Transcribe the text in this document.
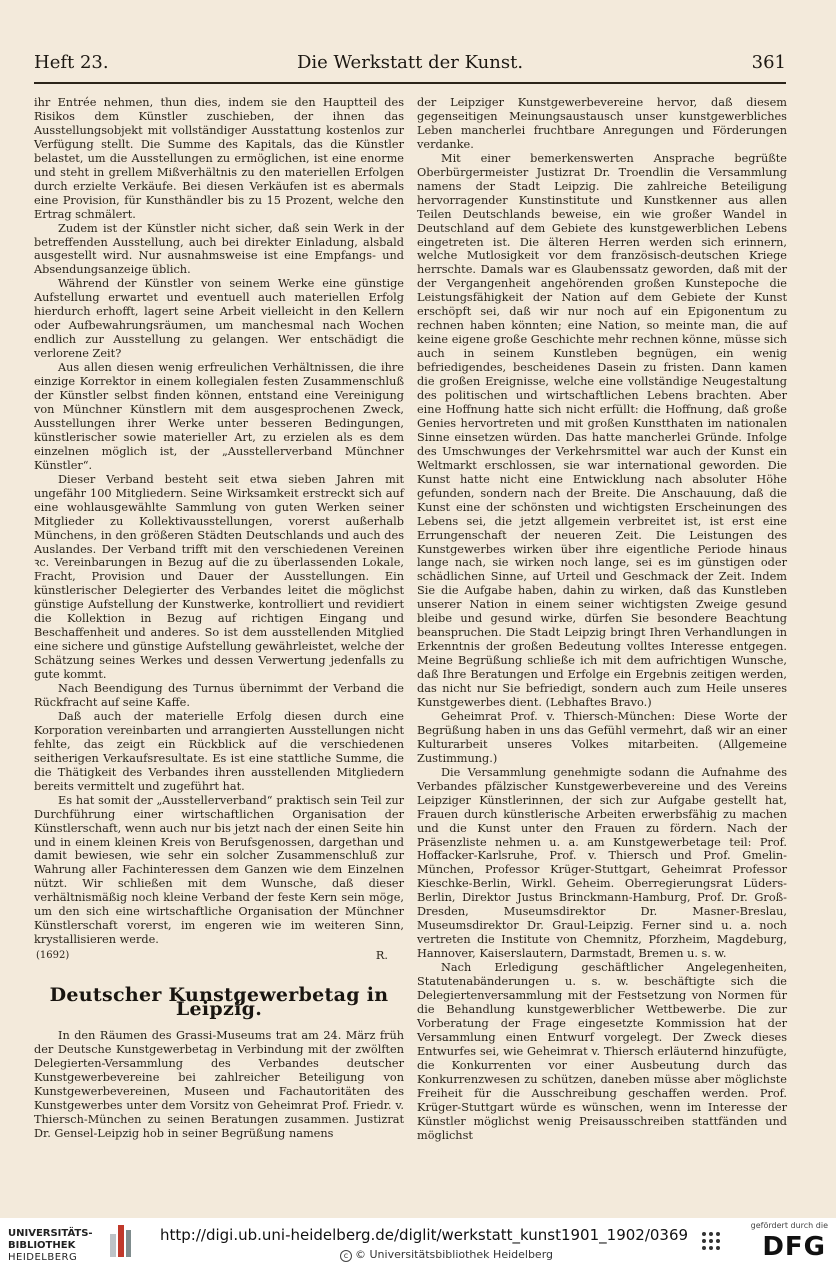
Heft 23.	Die Werkstatt der Kunst.	361

ihr Entrée nehmen, thun dies, indem sie den Hauptteil des Risikos dem Künstler zuschieben, der ihnen das Ausstellungsobjekt mit vollständiger Ausstattung kostenlos zur Verfügung stellt. Die Summe des Kapitals, das die Künstler belastet, um die Ausstellungen zu ermöglichen, ist eine enorme und steht in grellem Mißverhältnis zu den materiellen Erfolgen durch erzielte Verkäufe. Bei diesen Verkäufen ist es abermals eine Provision, für Kunsthändler bis zu 15 Prozent, welche den Ertrag schmälert.

Zudem ist der Künstler nicht sicher, daß sein Werk in der betreffenden Ausstellung, auch bei direkter Einladung, alsbald ausgestellt wird. Nur ausnahmsweise ist eine Empfangs- und Absendungsanzeige üblich.

Während der Künstler von seinem Werke eine günstige Aufstellung erwartet und eventuell auch materiellen Erfolg hierdurch erhofft, lagert seine Arbeit vielleicht in den Kellern oder Aufbewahrungsräumen, um manchesmal nach Wochen endlich zur Ausstellung zu gelangen. Wer entschädigt die verlorene Zeit?

Aus allen diesen wenig erfreulichen Verhältnissen, die ihre einzige Korrektor in einem kollegialen festen Zusammenschluß der Künstler selbst finden können, entstand eine Vereinigung von Münchner Künstlern mit dem ausgesprochenen Zweck, Ausstellungen ihrer Werke unter besseren Bedingungen, künstlerischer sowie materieller Art, zu erzielen als es dem einzelnen möglich ist, der „Ausstellerverband Münchner Künstler“.

Dieser Verband besteht seit etwa sieben Jahren mit ungefähr 100 Mitgliedern. Seine Wirksamkeit erstreckt sich auf eine wohlausgewählte Sammlung von guten Werken seiner Mitglieder zu Kollektivausstellungen, vorerst außerhalb Münchens, in den größeren Städten Deutschlands und auch des Auslandes. Der Verband trifft mit den verschiedenen Vereinen ꝛc. Vereinbarungen in Bezug auf die zu überlassenden Lokale, Fracht, Provision und Dauer der Ausstellungen. Ein künstlerischer Delegierter des Verbandes leitet die möglichst günstige Aufstellung der Kunstwerke, kontrolliert und revidiert die Kollektion in Bezug auf richtigen Eingang und Beschaffenheit und anderes. So ist dem ausstellenden Mitglied eine sichere und günstige Aufstellung gewährleistet, welche der Schätzung seines Werkes und dessen Verwertung jedenfalls zu gute kommt.

Nach Beendigung des Turnus übernimmt der Verband die Rückfracht auf seine Kaffe.

Daß auch der materielle Erfolg diesen durch eine Korporation vereinbarten und arrangierten Ausstellungen nicht fehlte, das zeigt ein Rückblick auf die verschiedenen seitherigen Verkaufsresultate. Es ist eine stattliche Summe, die die Thätigkeit des Verbandes ihren ausstellenden Mitgliedern bereits vermittelt und zugeführt hat.

Es hat somit der „Ausstellerverband“ praktisch sein Teil zur Durchführung einer wirtschaftlichen Organisation der Künstlerschaft, wenn auch nur bis jetzt nach der einen Seite hin und in einem kleinen Kreis von Berufsgenossen, dargethan und damit bewiesen, wie sehr ein solcher Zusammenschluß zur Wahrung aller Fachinteressen dem Ganzen wie dem Einzelnen nützt. Wir schließen mit dem Wunsche, daß dieser verhältnismäßig noch kleine Verband der feste Kern sein möge, um den sich eine wirtschaftliche Organisation der Münchner Künstlerschaft vorerst, im engeren wie im weiteren Sinn, krystallisieren werde.

(1692)	R.
Deutscher Kunstgewerbetag in Leipzig.

In den Räumen des Grassi-Museums trat am 24. März früh der Deutsche Kunstgewerbetag in Verbindung mit der zwölften Delegierten-Versammlung des Verbandes deutscher Kunstgewerbevereine bei zahlreicher Beteiligung von Kunstgewerbevereinen, Museen und Fachautoritäten des Kunstgewerbes unter dem Vorsitz von Geheimrat Prof. Friedr. v. Thiersch-München zu seinen Beratungen zusammen. Justizrat Dr. Gensel-Leipzig hob in seiner Begrüßung namens

der Leipziger Kunstgewerbevereine hervor, daß diesem gegenseitigen Meinungsaustausch unser kunstgewerbliches Leben mancherlei fruchtbare Anregungen und Förderungen verdanke.

Mit einer bemerkenswerten Ansprache begrüßte Oberbürgermeister Justizrat Dr. Troendlin die Versammlung namens der Stadt Leipzig. Die zahlreiche Beteiligung hervorragender Kunstinstitute und Kunstkenner aus allen Teilen Deutschlands beweise, ein wie großer Wandel in Deutschland auf dem Gebiete des kunstgewerblichen Lebens eingetreten ist. Die älteren Herren werden sich erinnern, welche Mutlosigkeit vor dem französisch-deutschen Kriege herrschte. Damals war es Glaubenssatz geworden, daß mit der der Vergangenheit angehörenden großen Kunstepoche die Leistungsfähigkeit der Nation auf dem Gebiete der Kunst erschöpft sei, daß wir nur noch auf ein Epigonentum zu rechnen haben könnten; eine Nation, so meinte man, die auf keine eigene große Geschichte mehr rechnen könne, müsse sich auch in seinem Kunstleben begnügen, ein wenig befriedigendes, bescheidenes Dasein zu fristen. Dann kamen die großen Ereignisse, welche eine vollständige Neugestaltung des politischen und wirtschaftlichen Lebens brachten. Aber eine Hoffnung hatte sich nicht erfüllt: die Hoffnung, daß große Genies hervortreten und mit großen Kunstthaten im nationalen Sinne einsetzen würden. Das hatte mancherlei Gründe. Infolge des Umschwunges der Verkehrsmittel war auch der Kunst ein Weltmarkt erschlossen, sie war international geworden. Die Kunst hatte nicht eine Entwicklung nach absoluter Höhe gefunden, sondern nach der Breite. Die Anschauung, daß die Kunst eine der schönsten und wichtigsten Erscheinungen des Lebens sei, die jetzt allgemein verbreitet ist, ist erst eine Errungenschaft der neueren Zeit. Die Leistungen des Kunstgewerbes wirken über ihre eigentliche Periode hinaus lange nach, sie wirken noch lange, sei es im günstigen oder schädlichen Sinne, auf Urteil und Geschmack der Zeit. Indem Sie die Aufgabe haben, dahin zu wirken, daß das Kunstleben unserer Nation in einem seiner wichtigsten Zweige gesund bleibe und gesund wirke, dürfen Sie besondere Beachtung beanspruchen. Die Stadt Leipzig bringt Ihren Verhandlungen in Erkenntnis der großen Bedeutung volltes Interesse entgegen. Meine Begrüßung schließe ich mit dem aufrichtigen Wunsche, daß Ihre Beratungen und Erfolge ein Ergebnis zeitigen werden, das nicht nur Sie befriedigt, sondern auch zum Heile unseres Kunstgewerbes dient. (Lebhaftes Bravo.)

Geheimrat Prof. v. Thiersch-München: Diese Worte der Begrüßung haben in uns das Gefühl vermehrt, daß wir an einer Kulturarbeit unseres Volkes mitarbeiten. (Allgemeine Zustimmung.)

Die Versammlung genehmigte sodann die Aufnahme des Verbandes pfälzischer Kunstgewerbevereine und des Vereins Leipziger Künstlerinnen, der sich zur Aufgabe gestellt hat, Frauen durch künstlerische Arbeiten erwerbsfähig zu machen und die Kunst unter den Frauen zu fördern. Nach der Präsenzliste nehmen u. a. am Kunstgewerbetage teil: Prof. Hoffacker-Karlsruhe, Prof. v. Thiersch und Prof. Gmelin-München, Professor Krüger-Stuttgart, Geheimrat Professor Kieschke-Berlin, Wirkl. Geheim. Oberregierungsrat Lüders-Berlin, Direktor Justus Brinckmann-Hamburg, Prof. Dr. Groß-Dresden, Museumsdirektor Dr. Masner-Breslau, Museumsdirektor Dr. Graul-Leipzig. Ferner sind u. a. noch vertreten die Institute von Chemnitz, Pforzheim, Magdeburg, Hannover, Kaiserslautern, Darmstadt, Bremen u. s. w.

Nach Erledigung geschäftlicher Angelegenheiten, Statutenabänderungen u. s. w. beschäftigte sich die Delegiertenversammlung mit der Festsetzung von Normen für die Behandlung kunstgewerblicher Wettbewerbe. Die zur Vorberatung der Frage eingesetzte Kommission hat der Versammlung einen Entwurf vorgelegt. Der Zweck dieses Entwurfes sei, wie Geheimrat v. Thiersch erläuternd hinzufügte, die Konkurrenten vor einer Ausbeutung durch das Konkurrenzwesen zu schützen, daneben müsse aber möglichste Freiheit für die Ausschreibung geschaffen werden. Prof. Krüger-Stuttgart würde es wünschen, wenn im Interesse der Künstler möglichst wenig Preisausschreiben stattfänden und möglichst

UNIVERSITÄTS-
BIBLIOTHEK
HEIDELBERG
http://digi.ub.uni-heidelberg.de/diglit/werkstatt_kunst1901_1902/0369
c © Universitätsbibliothek Heidelberg
gefördert durch die
DFG
